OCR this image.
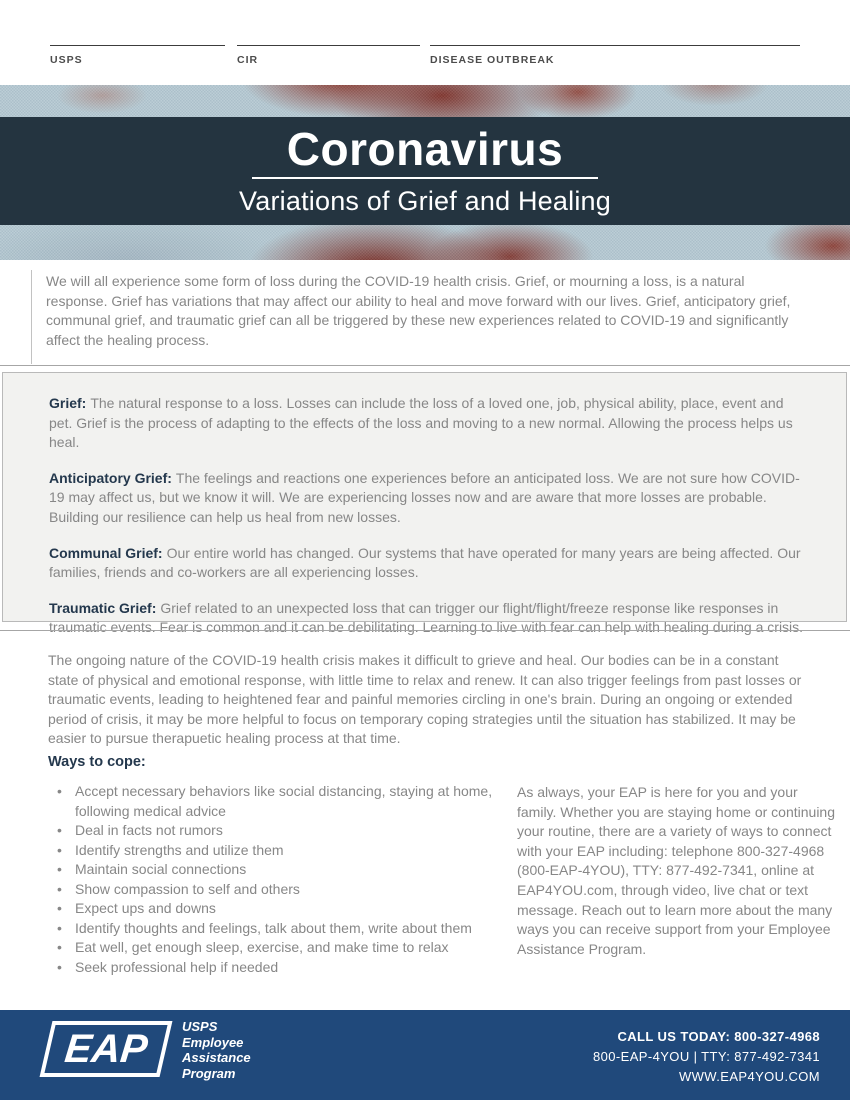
USPS	CIR	DISEASE OUTBREAK
Coronavirus
Variations of Grief and Healing

We will all experience some form of loss during the COVID-19 health crisis. Grief, or mourning a loss, is a natural response. Grief has variations that may affect our ability to heal and move forward with our lives. Grief, anticipatory grief, communal grief, and traumatic grief can all be triggered by these new experiences related to COVID-19 and significantly affect the healing process.

Grief: The natural response to a loss. Losses can include the loss of a loved one, job, physical ability, place, event and pet. Grief is the process of adapting to the effects of the loss and moving to a new normal. Allowing the process helps us heal.

Anticipatory Grief: The feelings and reactions one experiences before an anticipated loss. We are not sure how COVID-19 may affect us, but we know it will. We are experiencing losses now and are aware that more losses are probable. Building our resilience can help us heal from new losses.

Communal Grief: Our entire world has changed. Our systems that have operated for many years are being affected. Our families, friends and co-workers are all experiencing losses.

Traumatic Grief: Grief related to an unexpected loss that can trigger our flight/flight/freeze response like responses in traumatic events. Fear is common and it can be debilitating. Learning to live with fear can help with healing during a crisis.

The ongoing nature of the COVID-19 health crisis makes it difficult to grieve and heal. Our bodies can be in a constant state of physical and emotional response, with little time to relax and renew. It can also trigger feelings from past losses or traumatic events, leading to heightened fear and painful memories circling in one's brain. During an ongoing or extended period of crisis, it may be more helpful to focus on temporary coping strategies until the situation has stabilized. It may be easier to pursue therapuetic healing process at that time.

Ways to cope:
• Accept necessary behaviors like social distancing, staying at home, following medical advice
• Deal in facts not rumors
• Identify strengths and utilize them
• Maintain social connections
• Show compassion to self and others
• Expect ups and downs
• Identify thoughts and feelings, talk about them, write about them
• Eat well, get enough sleep, exercise, and make time to relax
• Seek professional help if needed

As always, your EAP is here for you and your family. Whether you are staying home or continuing your routine, there are a variety of ways to connect with your EAP including: telephone 800-327-4968 (800-EAP-4YOU), TTY: 877-492-7341, online at EAP4YOU.com, through video, live chat or text message. Reach out to learn more about the many ways you can receive support from your Employee Assistance Program.

EAP
USPS
Employee
Assistance
Program
CALL US TODAY: 800-327-4968
800-EAP-4YOU | TTY: 877-492-7341
WWW.EAP4YOU.COM
